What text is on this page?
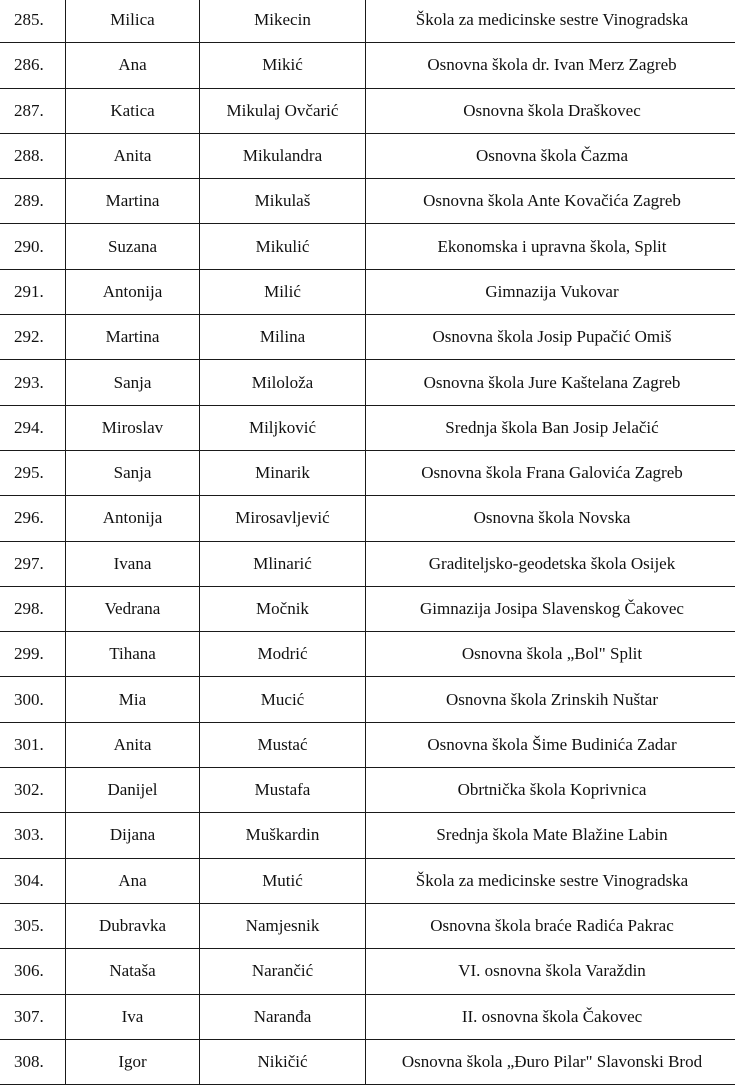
285.	Milica	Mikecin	Škola za medicinske sestre Vinogradska
286.	Ana	Mikić	Osnovna škola dr. Ivan Merz Zagreb
287.	Katica	Mikulaj Ovčarić	Osnovna škola Draškovec
288.	Anita	Mikulandra	Osnovna škola Čazma
289.	Martina	Mikulaš	Osnovna škola Ante Kovačića Zagreb
290.	Suzana	Mikulić	Ekonomska i upravna škola, Split
291.	Antonija	Milić	Gimnazija Vukovar
292.	Martina	Milina	Osnovna škola Josip Pupačić Omiš
293.	Sanja	Miloloža	Osnovna škola Jure Kaštelana Zagreb
294.	Miroslav	Miljković	Srednja škola Ban Josip Jelačić
295.	Sanja	Minarik	Osnovna škola Frana Galovića Zagreb
296.	Antonija	Mirosavljević	Osnovna škola Novska
297.	Ivana	Mlinarić	Graditeljsko-geodetska škola Osijek
298.	Vedrana	Močnik	Gimnazija Josipa Slavenskog Čakovec
299.	Tihana	Modrić	Osnovna škola „Bol" Split
300.	Mia	Mucić	Osnovna škola Zrinskih Nuštar
301.	Anita	Mustać	Osnovna škola Šime Budinića Zadar
302.	Danijel	Mustafa	Obrtnička škola Koprivnica
303.	Dijana	Muškardin	Srednja škola Mate Blažine Labin
304.	Ana	Mutić	Škola za medicinske sestre Vinogradska
305.	Dubravka	Namjesnik	Osnovna škola braće Radića Pakrac
306.	Nataša	Narančić	VI. osnovna škola Varaždin
307.	Iva	Naranđa	II. osnovna škola Čakovec
308.	Igor	Nikičić	Osnovna škola „Đuro Pilar" Slavonski Brod
